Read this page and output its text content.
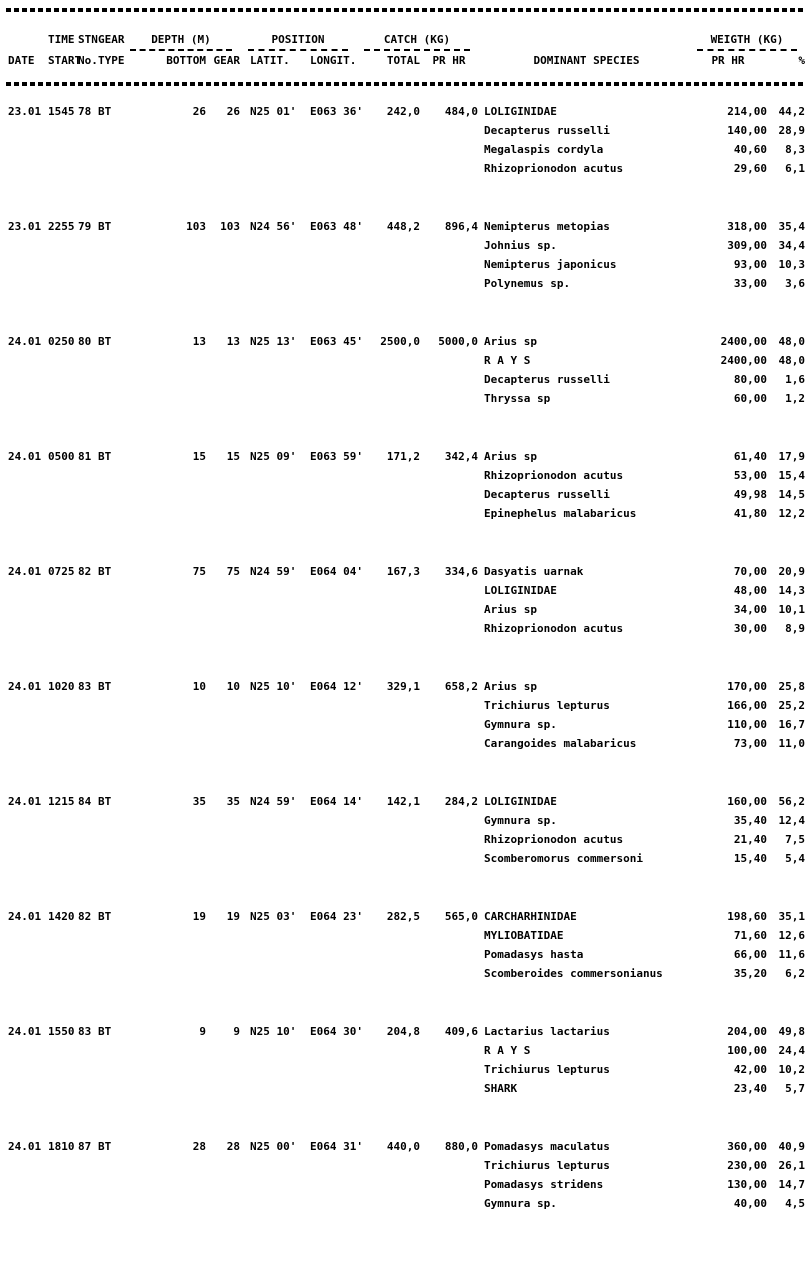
TIME STN GEAR	DEPTH (M)	POSITION	CATCH (KG)	WEIGTH (KG)
DATE	START
No. TYPE	BOTTOM GEAR LATIT.	LONGIT.	TOTAL	PR HR	DOMINANT SPECIES	PR HR	%
23.01 1545 78 BT	26	26 N25 01'	E063 36'	242,0	484,0 LOLIGINIDAE	214,00	44,2
Decapterus russelli	140,00	28,9
Megalaspis cordyla	40,60	8,3
Rhizoprionodon acutus	29,60	6,1
23.01 2255 79 BT	103	103 N24 56'	E063 48'	448,2	896,4 Nemipterus metopias	318,00	35,4
Johnius sp.	309,00	34,4
Nemipterus japonicus	93,00	10,3
Polynemus sp.	33,00	3,6
24.01 0250 80 BT	13	13 N25 13'	E063 45'	2500,0	5000,0 Arius sp	2400,00	48,0
R A Y S	2400,00	48,0
Decapterus russelli	80,00	1,6
Thryssa sp	60,00	1,2
24.01 0500 81 BT	15	15 N25 09'	E063 59'	171,2	342,4 Arius sp	61,40	17,9
Rhizoprionodon acutus	53,00	15,4
Decapterus russelli	49,98	14,5
Epinephelus malabaricus	41,80	12,2
24.01 0725 82 BT	75	75 N24 59'	E064 04'	167,3	334,6 Dasyatis uarnak	70,00	20,9
LOLIGINIDAE	48,00	14,3
Arius sp	34,00	10,1
Rhizoprionodon acutus	30,00	8,9
24.01 1020 83 BT	10	10 N25 10'	E064 12'	329,1	658,2 Arius sp	170,00	25,8
Trichiurus lepturus	166,00	25,2
Gymnura sp.	110,00	16,7
Carangoides malabaricus	73,00	11,0
24.01 1215 84 BT	35	35 N24 59'	E064 14'	142,1	284,2 LOLIGINIDAE	160,00	56,2
Gymnura sp.	35,40	12,4
Rhizoprionodon acutus	21,40	7,5
Scomberomorus commersoni	15,40	5,4
24.01 1420 82 BT	19	19 N25 03'	E064 23'	282,5	565,0 CARCHARHINIDAE	198,60	35,1
MYLIOBATIDAE	71,60	12,6
Pomadasys hasta	66,00	11,6
Scomberoides commersonianus	35,20	6,2
24.01 1550 83 BT	9	9 N25 10'	E064 30'	204,8	409,6 Lactarius lactarius	204,00	49,8
R A Y S	100,00	24,4
Trichiurus lepturus	42,00	10,2
SHARK	23,40	5,7
24.01 1810 87 BT	28	28 N25 00'	E064 31'	440,0	880,0 Pomadasys maculatus	360,00	40,9
Trichiurus lepturus	230,00	26,1
Pomadasys stridens	130,00	14,7
Gymnura sp.	40,00	4,5
